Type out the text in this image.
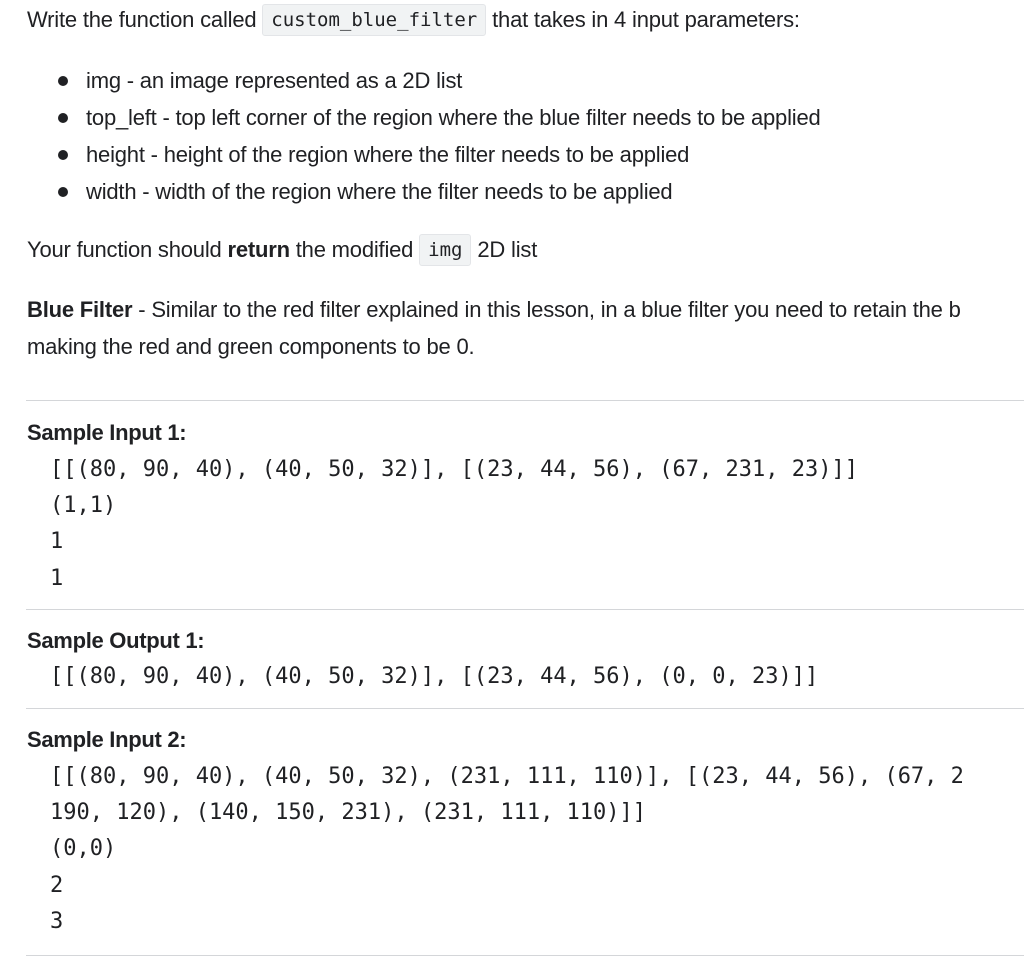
Write the function called custom_blue_filter that takes in 4 input parameters:
img - an image represented as a 2D list
top_left - top left corner of the region where the blue filter needs to be applied
height - height of the region where the filter needs to be applied
width - width of the region where the filter needs to be applied
Your function should return the modified img 2D list
Blue Filter - Similar to the red filter explained in this lesson, in a blue filter you need to retain the b
making the red and green components to be 0.
Sample Input 1:
[[(80, 90, 40), (40, 50, 32)], [(23, 44, 56), (67, 231, 23)]]
(1,1)
1
1
Sample Output 1:
[[(80, 90, 40), (40, 50, 32)], [(23, 44, 56), (0, 0, 23)]]
Sample Input 2:
[[(80, 90, 40), (40, 50, 32), (231, 111, 110)], [(23, 44, 56), (67, 2
190, 120), (140, 150, 231), (231, 111, 110)]]
(0,0)
2
3
